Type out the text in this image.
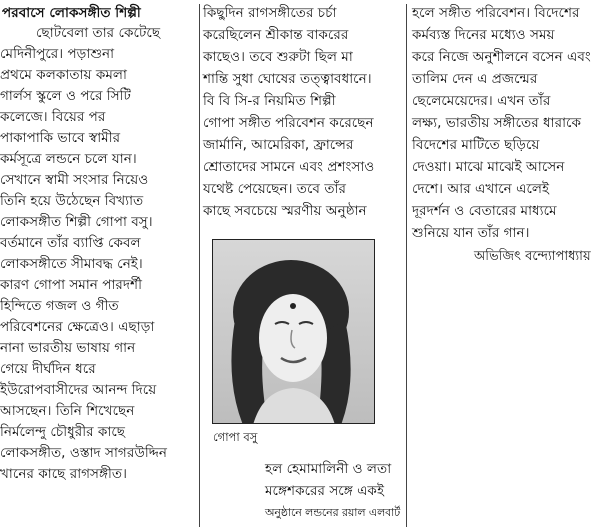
পরবাসে লোকসঙ্গীত শিল্পী
ছোটবেলা তার কেটেছে
মেদিনীপুরে। পড়াশুনা
প্রথমে কলকাতায় কমলা
গার্লস স্কুলে ও পরে সিটি
কলেজে। বিয়ের পর
পাকাপাকি ভাবে স্বামীর
কর্মসূত্রে লন্ডনে চলে যান।
সেখানে স্বামী সংসার নিয়েও
তিনি হয়ে উঠেছেন বিখ্যাত
লোকসঙ্গীত শিল্পী গোপা বসু।
বর্তমানে তাঁর ব্যাপ্তি কেবল
লোকসঙ্গীতে সীমাবদ্ধ নেই।
কারণ গোপা সমান পারদর্শী
হিন্দিতে গজল ও গীত
পরিবেশনের ক্ষেত্রেও। এছাড়া
নানা ভারতীয় ভাষায় গান
গেয়ে দীর্ঘদিন ধরে
ইউরোপবাসীদের আনন্দ দিয়ে
আসছেন। তিনি শিখেছেন
নির্মলেন্দু চৌধুরীর কাছে
লোকসঙ্গীত, ওস্তাদ সাগরউদ্দিন
খানের কাছে রাগসঙ্গীত।
কিছুদিন রাগসঙ্গীতের চর্চা
করেছিলেন শ্রীকান্ত বাকরের
কাছেও। তবে শুরুটা ছিল মা
শান্তি সুধা ঘোষের তত্ত্বাবধানে।
বি বি সি-র নিয়মিত শিল্পী
গোপা সঙ্গীত পরিবেশন করেছেন
জার্মানি, আমেরিকা, ফ্রান্সের
শ্রোতাদের সামনে এবং প্রশংসাও
যথেষ্ট পেয়েছেন। তবে তাঁর
কাছে সবচেয়ে স্মরণীয় অনুষ্ঠান
হল হেমামালিনী ও লতা
মঙ্গেশকরের সঙ্গে একই
অনুষ্ঠানে লন্ডনের রয়াল এলবার্ট
গোপা বসু
হলে সঙ্গীত পরিবেশন। বিদেশের
কর্মব্যস্ত দিনের মধ্যেও সময়
করে নিজে অনুশীলনে বসেন এবং
তালিম দেন এ প্রজন্মের
ছেলেমেয়েদের। এখন তাঁর
লক্ষ্য, ভারতীয় সঙ্গীতের ধারাকে
বিদেশের মাটিতে ছড়িয়ে
দেওয়া। মাঝে মাঝেই আসেন
দেশে। আর এখানে এলেই
দূরদর্শন ও বেতারের মাধ্যমে
শুনিয়ে যান তাঁর গান।
অভিজিৎ বন্দ্যোপাধ্যায়
